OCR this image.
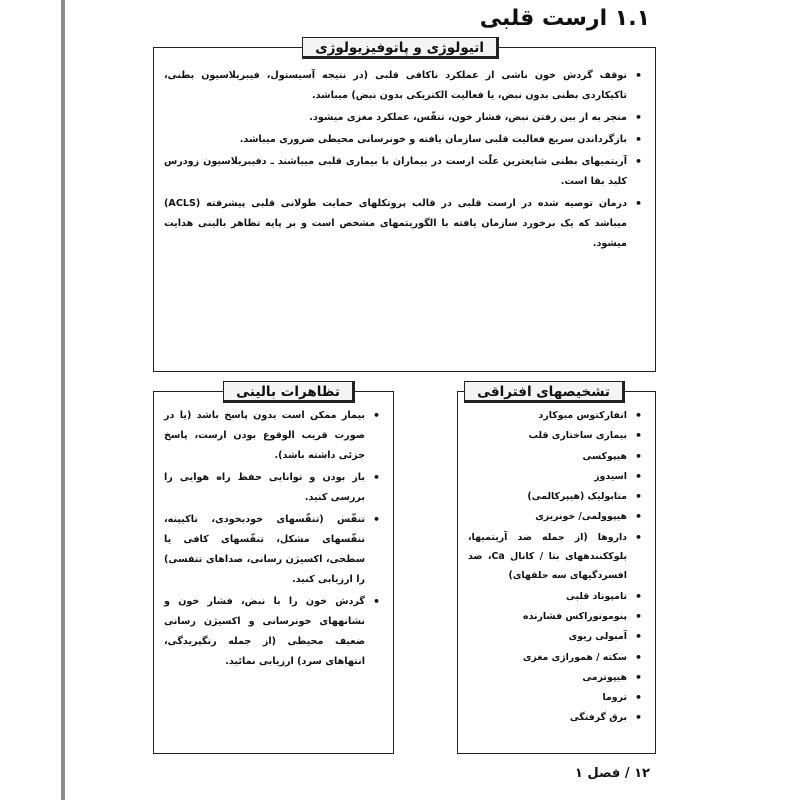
۱.۱ ارست قلبی
اتیولوژی و پاتوفیزیولوژی
•
توقف گردش خون ناشی از عملکرد ناکافی قلبی (در نتیجه آسیستول، فیبریلاسیون بطنی، تاکیکاردی بطنی بدون نبض، یا فعالیت الکتریکی بدون نبض) میباشد.
•
منجر به از بین رفتن نبض، فشار خون، تنفّس، عملکرد مغزی میشود.
•
بازگرداندن سریع فعالیت قلبی سازمان یافته و خونرسانی محیطی ضروری میباشد.
•
آریتمیهای بطنی شایعترین علّت ارست در بیماران با بیماری قلبی میباشند ـ دفیبریلاسیون زودرس کلید بقا است.
•
درمان توصیه شده در ارست قلبی در قالب پروتکلهای حمایت طولانی قلبی پیشرفته (ACLS) میباشد که یک برخورد سازمان یافته با الگوریتمهای مشخص است و بر پایه تظاهر بالینی هدایت میشود.
تظاهرات بالینی
•
بیمار ممکن است بدون پاسخ باشد (یا در صورت قریب الوقوع بودن ارست، پاسخ جزئی داشته باشد).
•
باز بودن و توانایی حفظ راه هوایی را بررسی کنید.
•
تنفّس (تنفّسهای خودبخودی، تاکیپنه، تنفّسهای مشکل، تنفّسهای کافی یا سطحی، اکسیژن رسانی، صداهای تنفسی) را ارزیابی کنید.
•
گردش خون را با نبض، فشار خون و نشانههای خونرسانی و اکسیژن رسانی ضعیف محیطی (از جمله رنگپریدگی، انتهاهای سرد) ارزیابی نمائید.
تشخیصهای افتراقی
•
انفارکتوس میوکارد
•
بیماری ساختاری قلب
•
هیپوکسی
•
اسیدوز
•
متابولیک (هیپرکالمی)
•
هیپوولمی/ خونریزی
•
داروها (از جمله ضد آریتمیها، بلوککنندههای بتا / کانال Ca، ضد افسردگیهای سه حلقهای)
•
تامپوناد قلبی
•
پنوموتوراکس فشارنده
•
آمبولی ریوی
•
سکته / هموراژی مغزی
•
هیپوترمی
•
تروما
•
برق گرفتگی
۱۲ / فصل ۱
